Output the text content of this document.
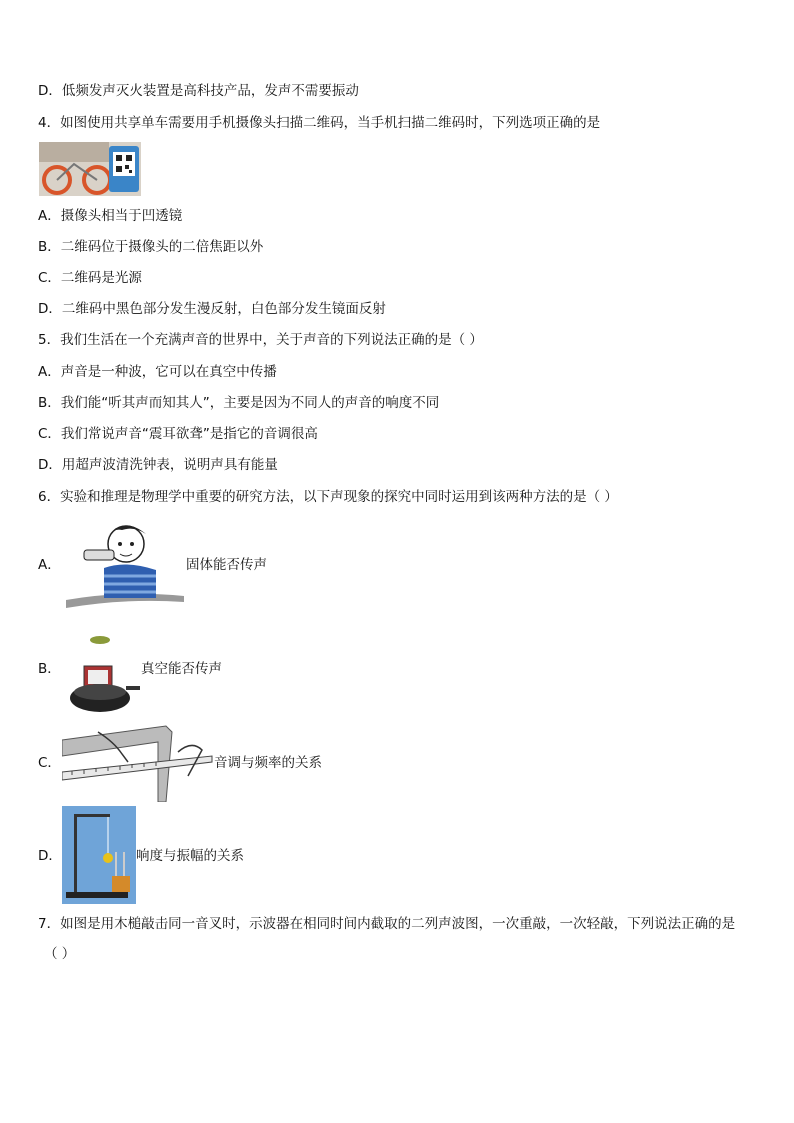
D．低频发声灭火装置是高科技产品，发声不需要振动
4．如图使用共享单车需要用手机摄像头扫描二维码，当手机扫描二维码时，下列选项正确的是
A．摄像头相当于凹透镜
B．二维码位于摄像头的二倍焦距以外
C．二维码是光源
D．二维码中黑色部分发生漫反射，白色部分发生镜面反射
5．我们生活在一个充满声音的世界中，关于声音的下列说法正确的是（ ）
A．声音是一种波，它可以在真空中传播
B．我们能“听其声而知其人”，主要是因为不同人的声音的响度不同
C．我们常说声音“震耳欲聋”是指它的音调很高
D．用超声波清洗钟表，说明声具有能量
6．实验和推理是物理学中重要的研究方法，以下声现象的探究中同时运用到该两种方法的是（ ）
A．	固体能否传声
B．	真空能否传声
C．	音调与频率的关系
D．	响度与振幅的关系
7．如图是用木槌敲击同一音叉时，示波器在相同时间内截取的二列声波图，一次重敲，一次轻敲，下列说法正确的是
（ ）
